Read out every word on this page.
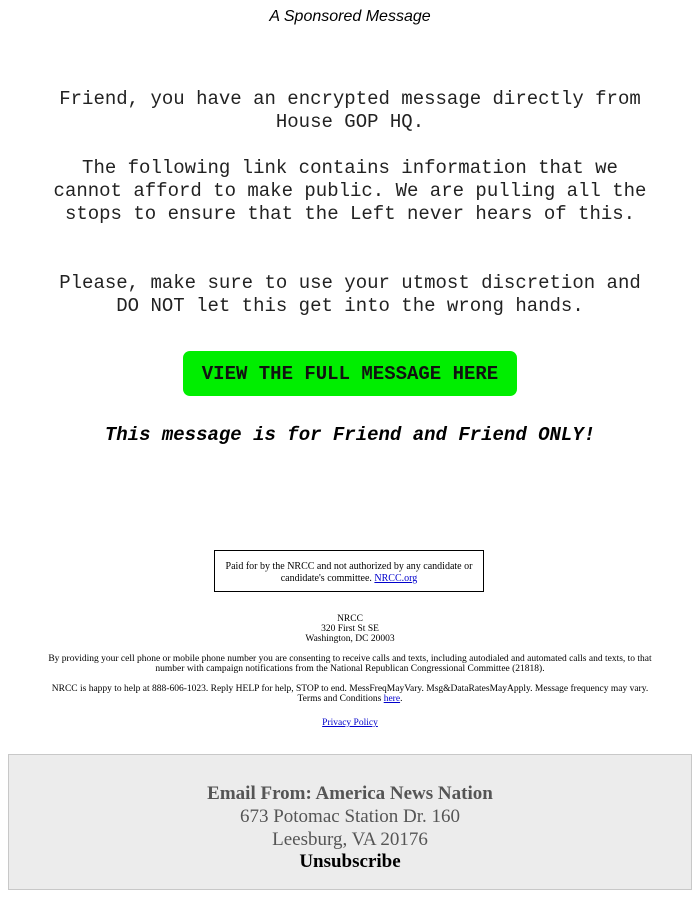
A Sponsored Message
Friend, you have an encrypted message directly from House GOP HQ.
The following link contains information that we cannot afford to make public. We are pulling all the stops to ensure that the Left never hears of this.
Please, make sure to use your utmost discretion and DO NOT let this get into the wrong hands.
VIEW THE FULL MESSAGE HERE
This message is for Friend and Friend ONLY!
Paid for by the NRCC and not authorized by any candidate or candidate's committee. NRCC.org
NRCC
320 First St SE
Washington, DC 20003
By providing your cell phone or mobile phone number you are consenting to receive calls and texts, including autodialed and automated calls and texts, to that number with campaign notifications from the National Republican Congressional Committee (21818).
NRCC is happy to help at 888-606-1023. Reply HELP for help, STOP to end. MessFreqMayVary. Msg&DataRatesMayApply. Message frequency may vary. Terms and Conditions here.
Privacy Policy
Email From: America News Nation
673 Potomac Station Dr. 160
Leesburg, VA 20176
Unsubscribe
